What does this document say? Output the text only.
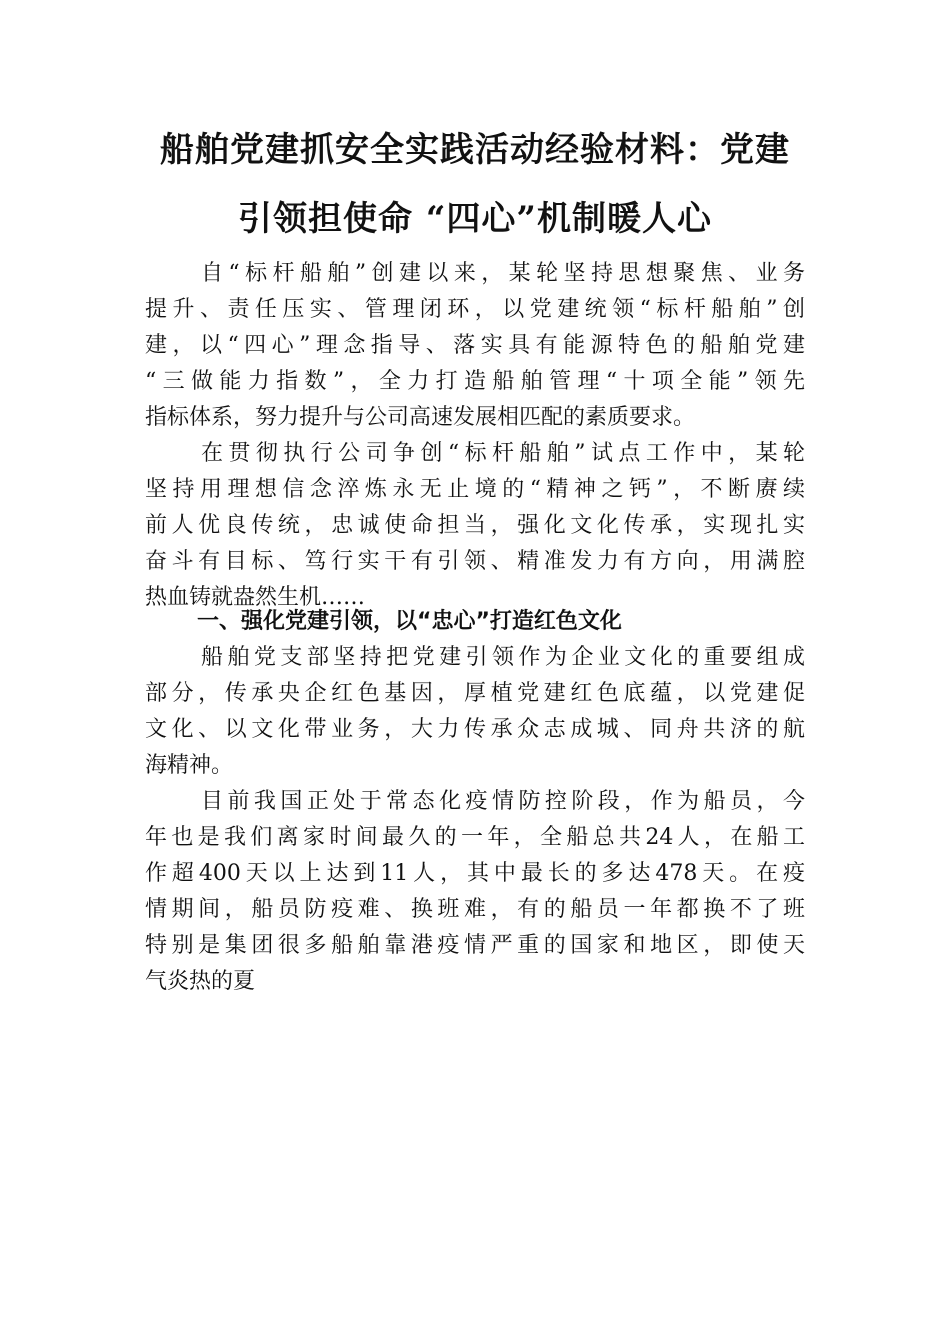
船舶党建抓安全实践活动经验材料：党建
引领担使命 “四心”机制暖人心
自“标杆船舶”创建以来，某轮坚持思想聚焦、业务
提升、责任压实、管理闭环，以党建统领“标杆船舶”创
建，以“四心”理念指导、落实具有能源特色的船舶党建
“三做能力指数”，全力打造船舶管理“十项全能”领先
指标体系，努力提升与公司高速发展相匹配的素质要求。
在贯彻执行公司争创“标杆船舶”试点工作中，某轮
坚持用理想信念淬炼永无止境的“精神之钙”，不断赓续
前人优良传统，忠诚使命担当，强化文化传承，实现扎实
奋斗有目标、笃行实干有引领、精准发力有方向，用满腔
热血铸就盎然生机……
一、强化党建引领，以“忠心”打造红色文化
船舶党支部坚持把党建引领作为企业文化的重要组成
部分，传承央企红色基因，厚植党建红色底蕴，以党建促
文化、以文化带业务，大力传承众志成城、同舟共济的航
海精神。
目前我国正处于常态化疫情防控阶段，作为船员，今
年也是我们离家时间最久的一年，全船总共24人，在船工
作超400天以上达到11人，其中最长的多达478天。在疫
情期间，船员防疫难、换班难，有的船员一年都换不了班
特别是集团很多船舶靠港疫情严重的国家和地区，即使天
气炎热的夏
